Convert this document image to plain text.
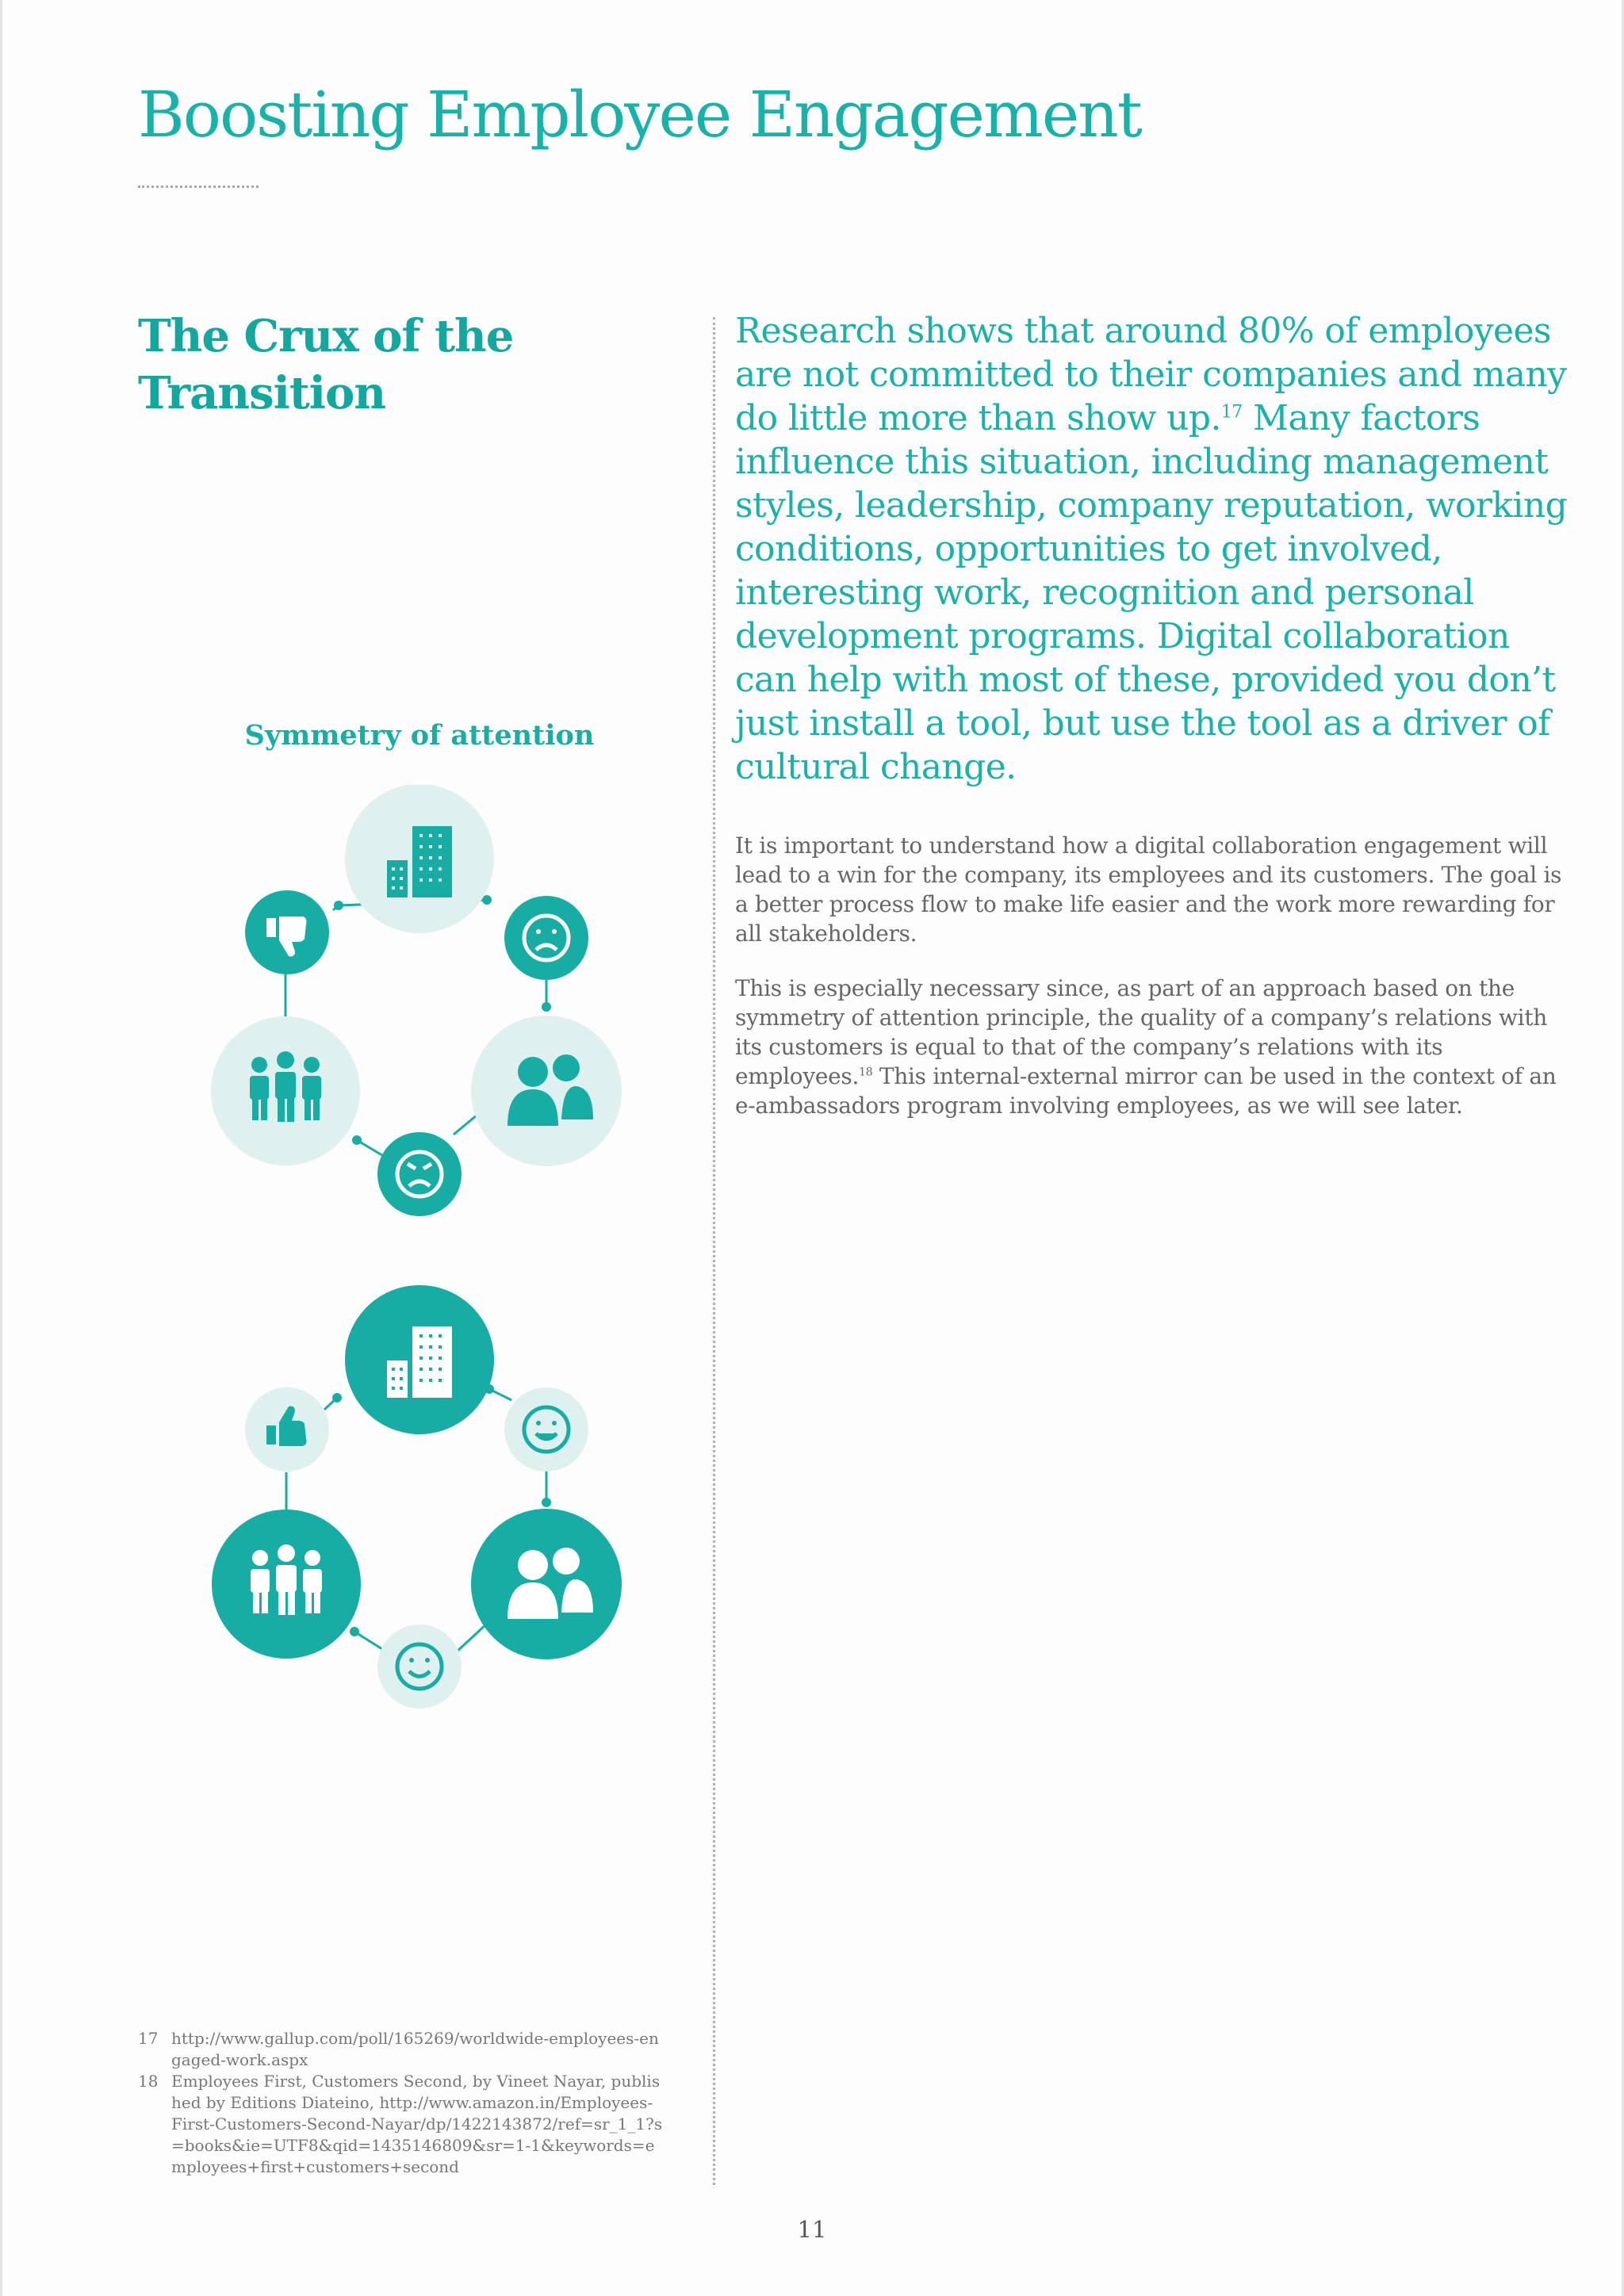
Boosting Employee Engagement
The Crux of the Transition

Research shows that around 80% of employees are not committed to their companies and many do little more than show up.$^{17}$ Many factors influence this situation, including management styles, leadership, company reputation, working conditions, opportunities to get involved, interesting work, recognition and personal development programs. Digital collaboration can help with most of these, provided you don’t just install a tool, but use the tool as a driver of cultural change.

It is important to understand how a digital collaboration engagement will lead to a win for the company, its employees and its customers. The goal is a better process flow to make life easier and the work more rewarding for all stakeholders.

This is especially necessary since, as part of an approach based on the symmetry of attention principle, the quality of a company’s relations with its customers is equal to that of the company’s relations with its employees.$^{18}$ This internal-external mirror can be used in the context of an e-ambassadors program involving employees, as we will see later.

Symmetry of attention

17 http://www.gallup.com/poll/165269/worldwide-employees-engaged-work.aspx

18 Employees First, Customers Second, by Vineet Nayar, published by Editions Diateino, http://www.amazon.in/Employees-First-Customers-Second-Nayar/dp/1422143872/ref=sr_1_1?s=books&ie=UTF8&qid=1435146809&sr=1-1&keywords=employees+first+customers+second

11
